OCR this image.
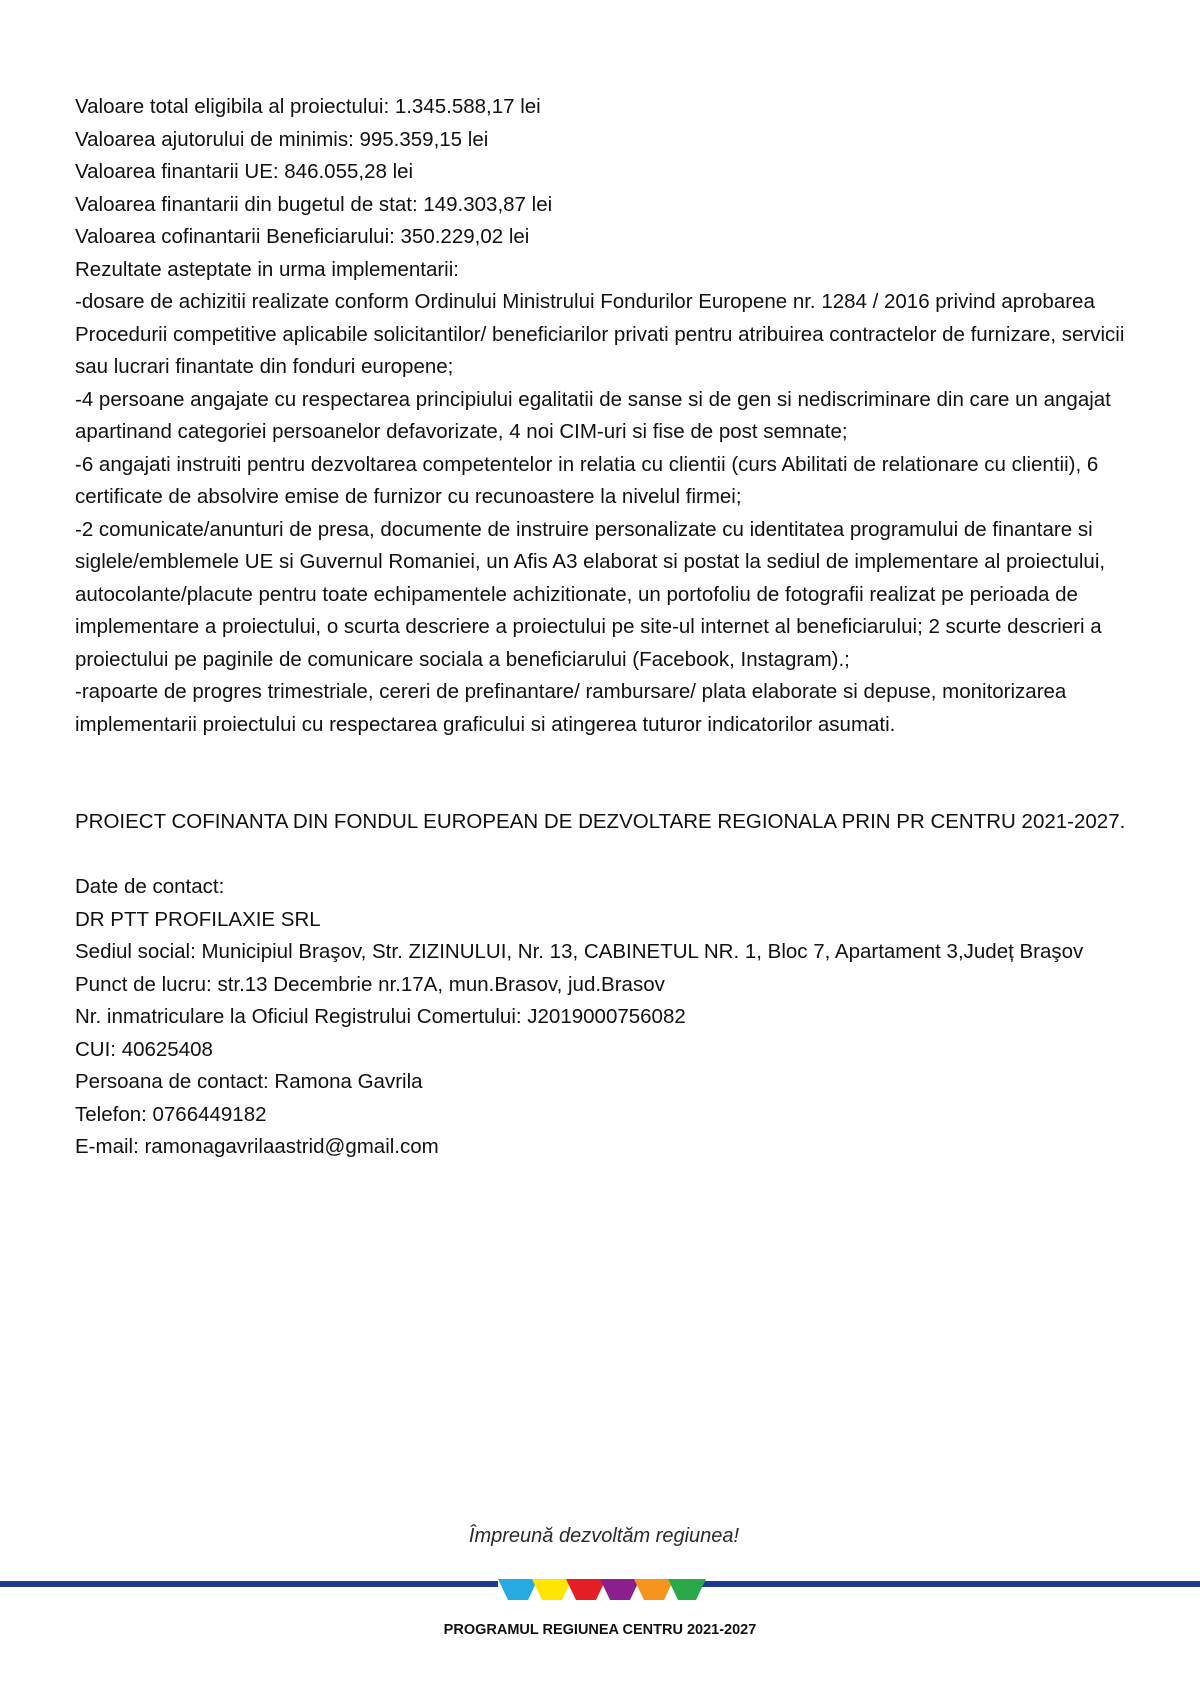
Valoare total eligibila al proiectului: 1.345.588,17 lei

Valoarea ajutorului de minimis: 995.359,15 lei

Valoarea finantarii UE: 846.055,28 lei

Valoarea finantarii din bugetul de stat: 149.303,87 lei

Valoarea cofinantarii Beneficiarului: 350.229,02 lei

Rezultate asteptate in urma implementarii:

-dosare de achizitii realizate conform Ordinului Ministrului Fondurilor Europene nr. 1284 / 2016 privind aprobarea Procedurii competitive aplicabile solicitantilor/ beneficiarilor privati pentru atribuirea contractelor de furnizare, servicii sau lucrari finantate din fonduri europene;

-4 persoane angajate cu respectarea principiului egalitatii de sanse si de gen si nediscriminare din care un angajat apartinand categoriei persoanelor defavorizate, 4 noi CIM-uri si fise de post semnate;

-6 angajati instruiti pentru dezvoltarea competentelor in relatia cu clientii (curs Abilitati de relationare cu clientii), 6 certificate de absolvire emise de furnizor cu recunoastere la nivelul firmei;

-2 comunicate/anunturi de presa, documente de instruire personalizate cu identitatea programului de finantare si siglele/emblemele UE si Guvernul Romaniei, un Afis A3 elaborat si postat la sediul de implementare al proiectului, autocolante/placute pentru toate echipamentele achizitionate, un portofoliu de fotografii realizat pe perioada de implementare a proiectului, o scurta descriere a proiectului pe site-ul internet al beneficiarului; 2 scurte descrieri a proiectului pe paginile de comunicare sociala a beneficiarului (Facebook, Instagram).;

-rapoarte de progres trimestriale, cereri de prefinantare/ rambursare/ plata elaborate si depuse, monitorizarea implementarii proiectului cu respectarea graficului si atingerea tuturor indicatorilor asumati.

PROIECT COFINANTA DIN FONDUL EUROPEAN DE DEZVOLTARE REGIONALA PRIN PR CENTRU 2021-2027.

Date de contact:

DR PTT PROFILAXIE SRL

Sediul social: Municipiul Braşov, Str. ZIZINULUI, Nr. 13, CABINETUL NR. 1, Bloc 7, Apartament 3,Județ Braşov

Punct de lucru: str.13 Decembrie nr.17A, mun.Brasov, jud.Brasov

Nr. inmatriculare la Oficiul Registrului Comertului: J2019000756082

CUI: 40625408

Persoana de contact: Ramona Gavrila

Telefon: 0766449182

E-mail: ramonagavrilaastrid@gmail.com

Împreună dezvoltăm regiunea!
PROGRAMUL REGIUNEA CENTRU 2021-2027
